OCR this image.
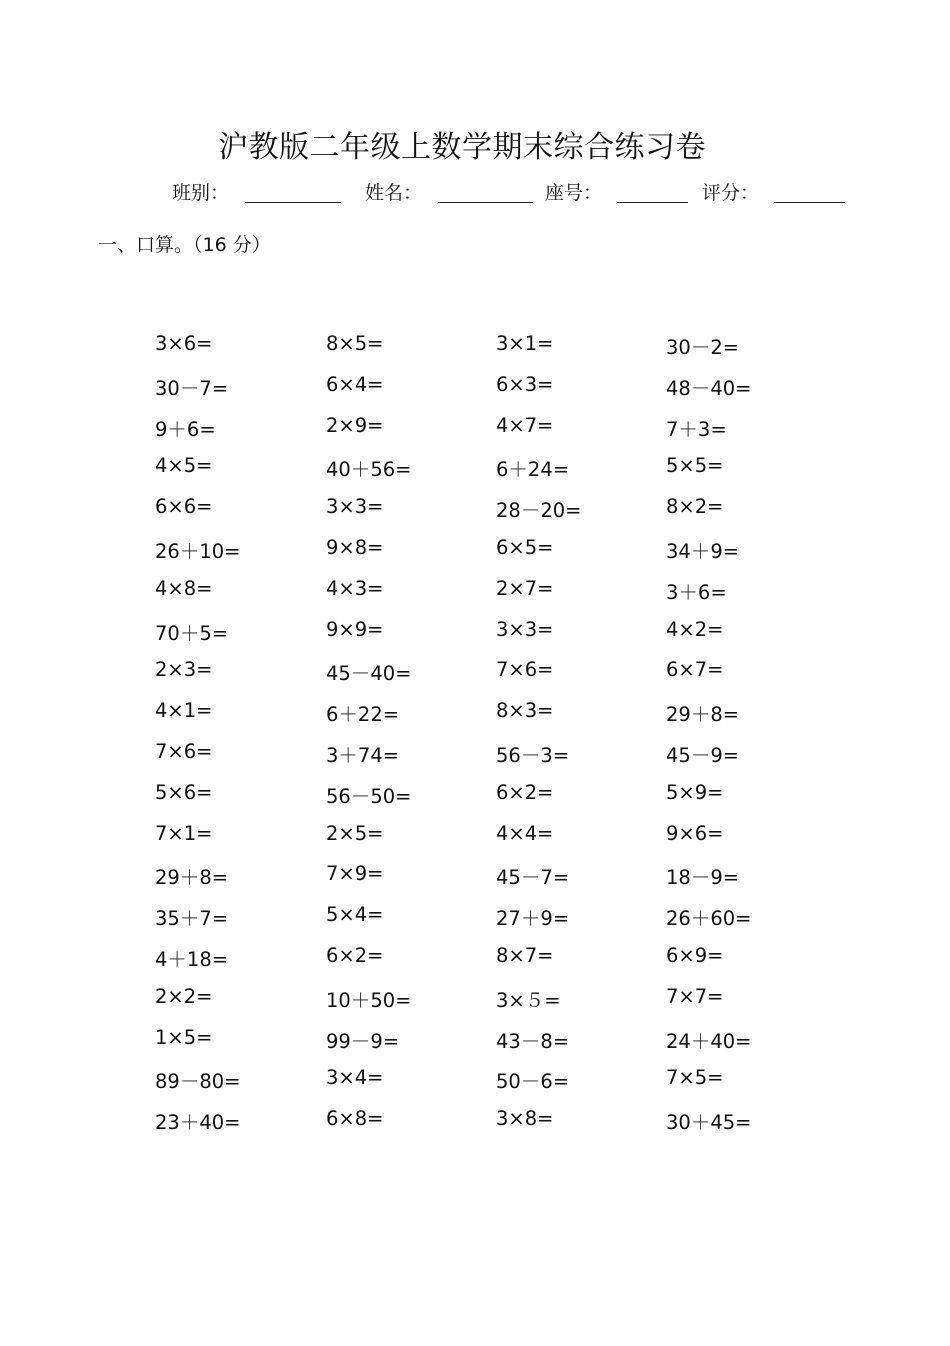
沪教版二年级上数学期末综合练习卷
班别：	姓名：	座号：	评分：
一、口算。（16 分）
3×6=	8×5=	3×1=	30－2=
30－7=	6×4=	6×3=	48－40=
9＋6=	2×9=	4×7=	7＋3=
4×5=	40＋56=	6＋24=	5×5=
6×6=	3×3=	28－20=	8×2=
26＋10=	9×8=	6×5=	34＋9=
4×8=	4×3=	2×7=	3＋6=
70＋5=	9×9=	3×3=	4×2=
2×3=	45－40=	7×6=	6×7=
4×1=	6＋22=	8×3=	29＋8=
7×6=	3＋74=	56－3=	45－9=
5×6=	56－50=	6×2=	5×9=
7×1=	2×5=	4×4=	9×6=
29＋8=	7×9=	45－7=	18－9=
35＋7=	5×4=	27＋9=	26＋60=
4＋18=	6×2=	8×7=	6×9=
2×2=	10＋50=	3×５=	7×7=
1×5=	99－9=	43－8=	24＋40=
89－80=	3×4=	50－6=	7×5=
23＋40=	6×8=	3×8=	30＋45=
